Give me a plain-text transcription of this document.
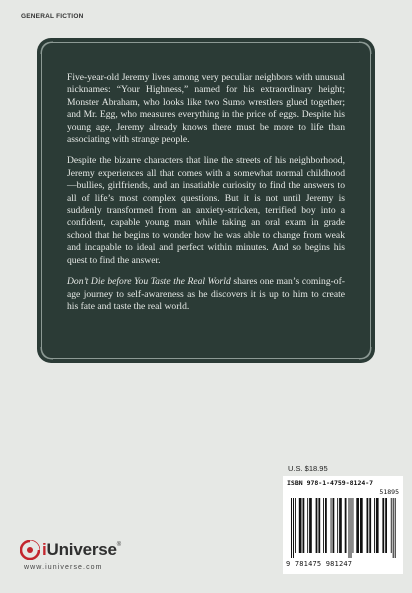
GENERAL FICTION

Five-year-old Jeremy lives among very peculiar neighbors with unusual nicknames: “Your Highness,” named for his extraordinary height; Monster Abraham, who looks like two Sumo wrestlers glued together; and Mr. Egg, who measures everything in the price of eggs. Despite his young age, Jeremy already knows there must be more to life than associating with strange people.

Despite the bizarre characters that line the streets of his neighborhood, Jeremy experiences all that comes with a somewhat normal childhood—bullies, girlfriends, and an insatiable curiosity to find the answers to all of life’s most complex questions. But it is not until Jeremy is suddenly transformed from an anxiety-stricken, terrified boy into a confident, capable young man while taking an oral exam in grade school that he begins to wonder how he was able to change from weak and incapable to ideal and perfect within minutes. And so begins his quest to find the answer.

Don’t Die before You Taste the Real World shares one man’s coming-of-age journey to self-awareness as he discovers it is up to him to create his fate and taste the real world.

U.S. $18.95
ISBN 978-1-4759-8124-7
51895
9 781475 981247
iUniverse ®
www.iuniverse.com
